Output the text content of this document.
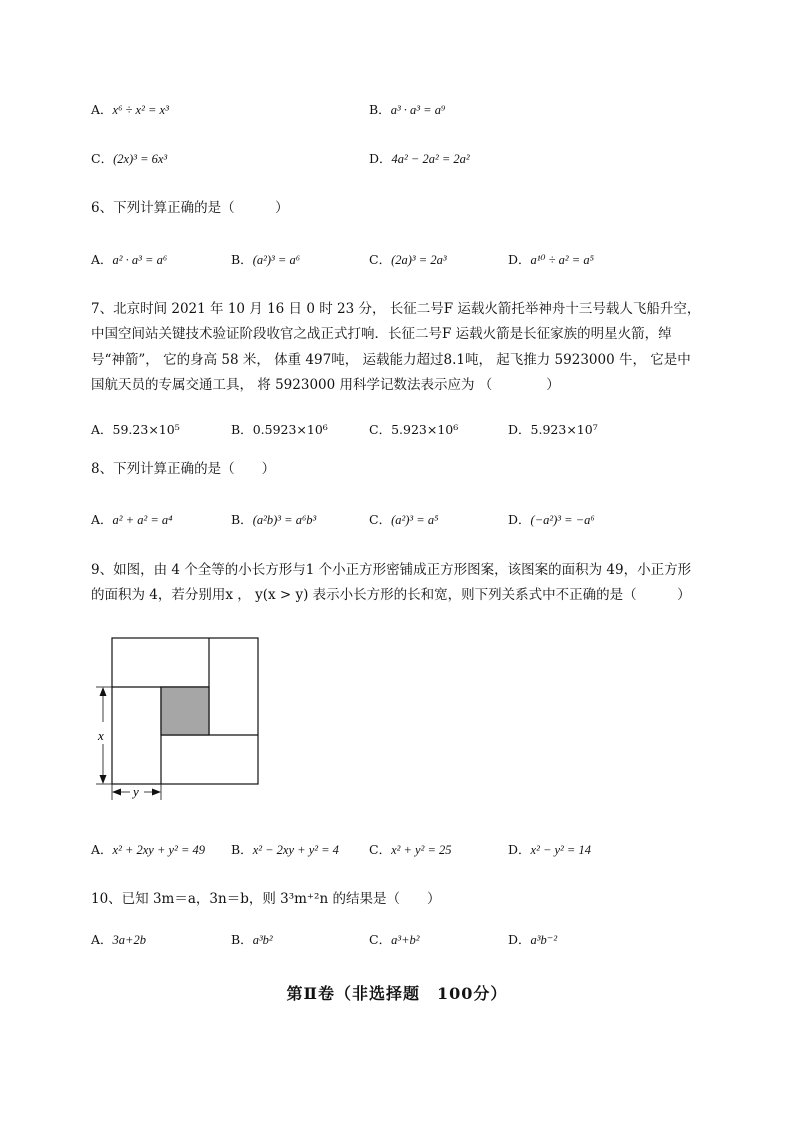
A．x⁶ ÷ x² = x³	B．a³ · a³ = a⁹
C．(2x)³ = 6x³	D．4a² − 2a² = 2a²
6、下列计算正确的是（　　　）
A．a² · a³ = a⁶	B．(a²)³ = a⁶	C．(2a)³ = 2a³	D．a¹⁰ ÷ a² = a⁵
7、北京时间 2021 年 10 月 16 日 0 时 23 分， 长征二号F 运载火箭托举神舟十三号载人飞船升空，
中国空间站关键技术验证阶段收官之战正式打响．长征二号F 运载火箭是长征家族的明星火箭，绰
号“神箭”， 它的身高 58 米， 体重 497吨， 运载能力超过8.1吨， 起飞推力 5923000 牛， 它是中
国航天员的专属交通工具， 将 5923000 用科学记数法表示应为 （　　　　）
A．59.23×10⁵	B．0.5923×10⁶	C．5.923×10⁶	D．5.923×10⁷
8、下列计算正确的是（　　）
A．a² + a² = a⁴	B．(a²b)³ = a⁶b³	C．(a²)³ = a⁵	D．(−a²)³ = −a⁶
9、如图，由 4 个全等的小长方形与1 个小正方形密铺成正方形图案，该图案的面积为 49，小正方形
的面积为 4，若分别用x ， y(x > y) 表示小长方形的长和宽，则下列关系式中不正确的是（　　　）
x
y
A．x² + 2xy + y² = 49 B．x² − 2xy + y² = 4 C．x² + y² = 25	D．x² − y² = 14
10、已知 3m＝a，3n＝b，则 3³m⁺²n 的结果是（　　）
A．3a+2b	B．a³b²	C．a³+b²	D．a³b⁻²
第Ⅱ卷（非选择题　100分）
